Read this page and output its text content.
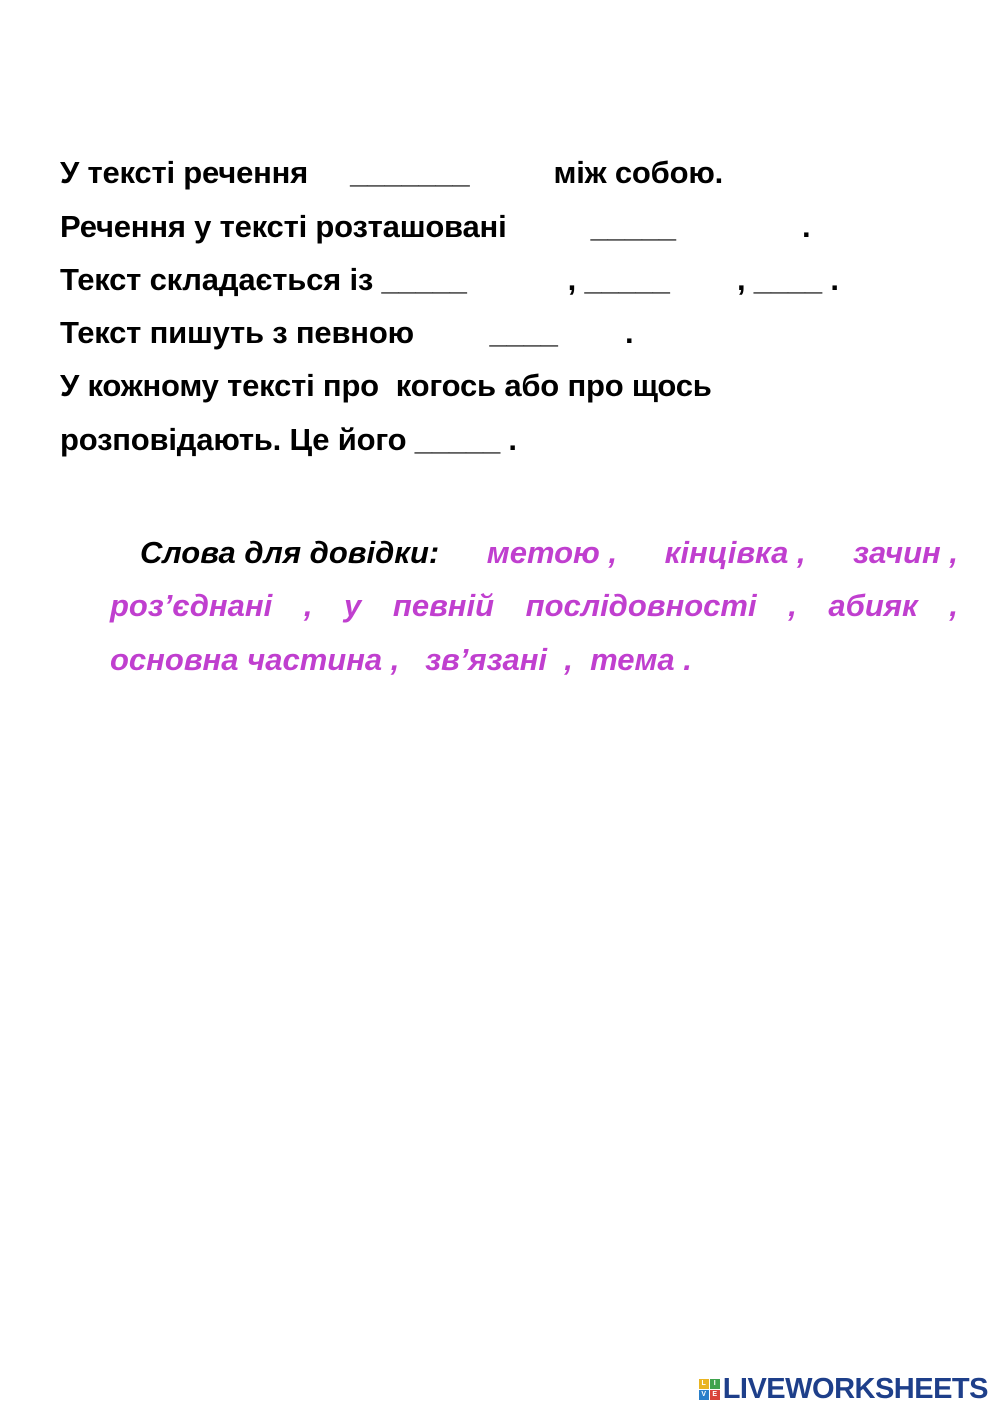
У тексті речення     _______          між собою.
Речення у тексті розташовані          _____               .
Текст складається із _____            , _____        , ____ .
Текст пишуть з певною         ____        .
У кожному тексті про  когось або про щось
розповідають. Це його _____ .
Слова для довідки: метою , кінцівка , зачин ,
роз’єднані , у певній послідовності , абияк ,
основна частина ,   зв’язані  ,  тема .
L	I
V E LIVEWORKSHEETS
